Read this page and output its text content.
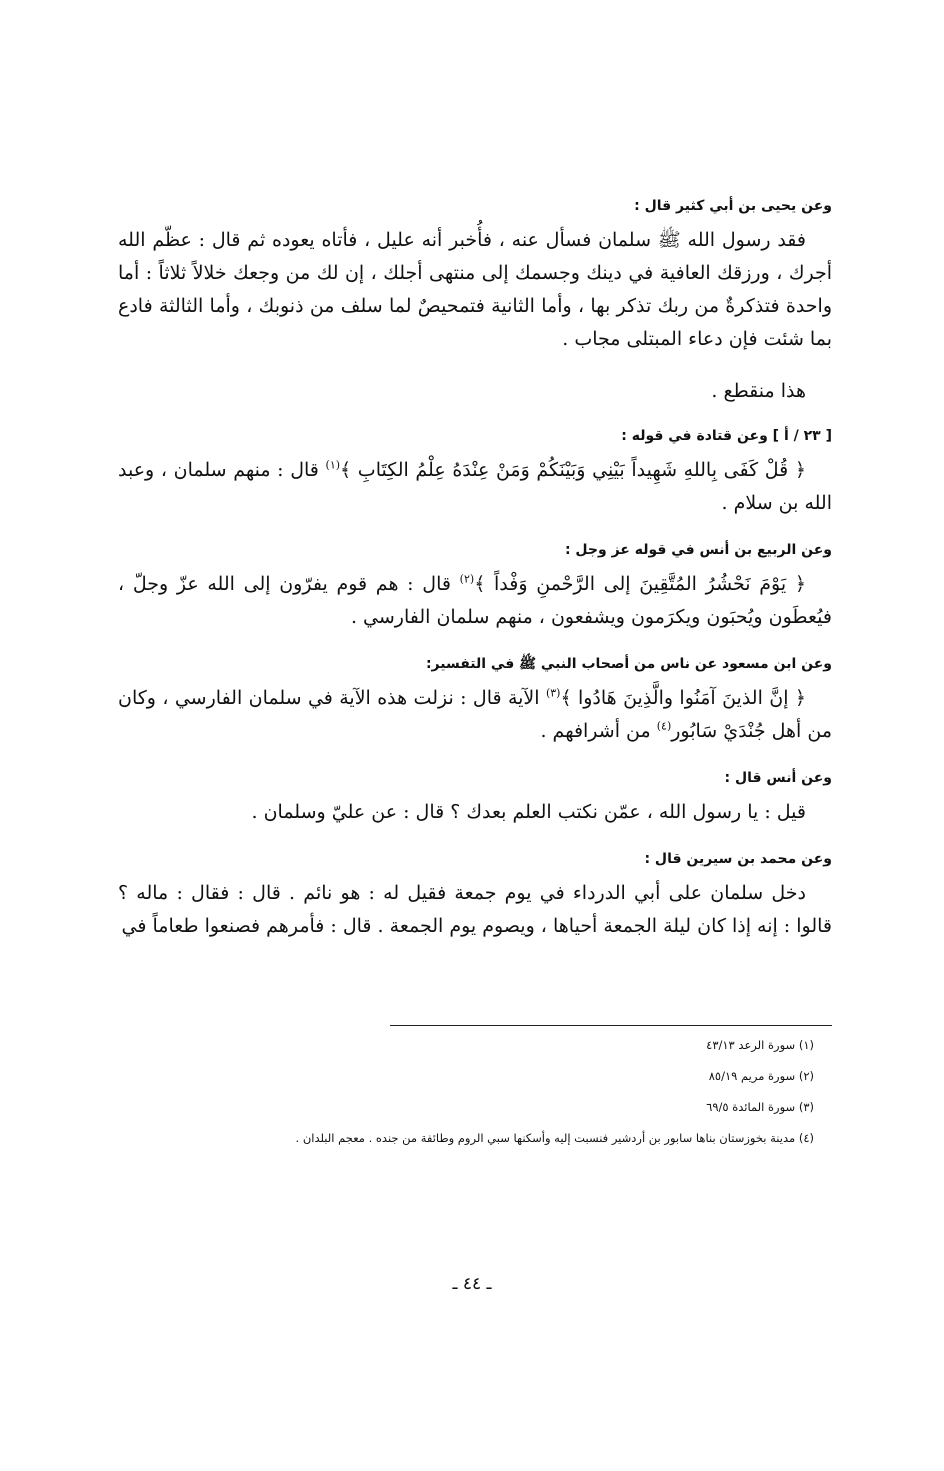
وعن يحيى بن أبي كثير قال :

فقد رسول الله ﷺ سلمان فسأل عنه ، فأُخبر أنه عليل ، فأتاه يعوده ثم قال : عظّم الله أجرك ، ورزقك العافية في دينك وجسمك إلى منتهى أجلك ، إن لك من وجعك خلالاً ثلاثاً : أما واحدة فتذكرةٌ من ربك تذكر بها ، وأما الثانية فتمحيصٌ لما سلف من ذنوبك ، وأما الثالثة فادع بما شئت فإن دعاء المبتلى مجاب .

هذا منقطع .

[ ٢٣ / أ ] وعن قتادة في قوله :

﴿ قُلْ كَفَى بِاللهِ شَهِيداً بَيْنِي وَبَيْنَكُمْ وَمَنْ عِنْدَهُ عِلْمُ الكِتَابِ ﴾$^{(١)}$ قال : منهم سلمان ، وعبد الله بن سلام .

وعن الربيع بن أنس في قوله عز وجل :

﴿ يَوْمَ نَحْشُرُ المُتَّقِينَ إلى الرَّحْمنِ وَفْداً ﴾$^{(٢)}$ قال : هم قوم يفرّون إلى الله عزّ وجلّ ، فيُعطَون ويُحبَون ويكرَمون ويشفعون ، منهم سلمان الفارسي .

وعن ابن مسعود عن ناس من أصحاب النبي ﷺ في التفسير:

﴿ إنَّ الذينَ آمَنُوا والَّذِينَ هَادُوا ﴾$^{(٣)}$ الآية قال : نزلت هذه الآية في سلمان الفارسي ، وكان من أهل جُنْدَيْ سَابُور$^{(٤)}$ من أشرافهم .

وعن أنس قال :

قيل : يا رسول الله ، عمّن نكتب العلم بعدك ؟ قال : عن عليّ وسلمان .

وعن محمد بن سيرين قال :

دخل سلمان على أبي الدرداء في يوم جمعة فقيل له : هو نائم . قال : فقال : ماله ؟ قالوا : إنه إذا كان ليلة الجمعة أحياها ، ويصوم يوم الجمعة . قال : فأمرهم فصنعوا طعاماً في

(١) سورة الرعد ٤٣/١٣
(٢) سورة مريم ٨٥/١٩
(٣) سورة المائدة ٦٩/٥
(٤) مدينة بخوزستان بناها سابور بن أردشير فنسبت إليه وأسكنها سبي الروم وطائفة من جنده . معجم البلدان .
ـ ٤٤ ـ
